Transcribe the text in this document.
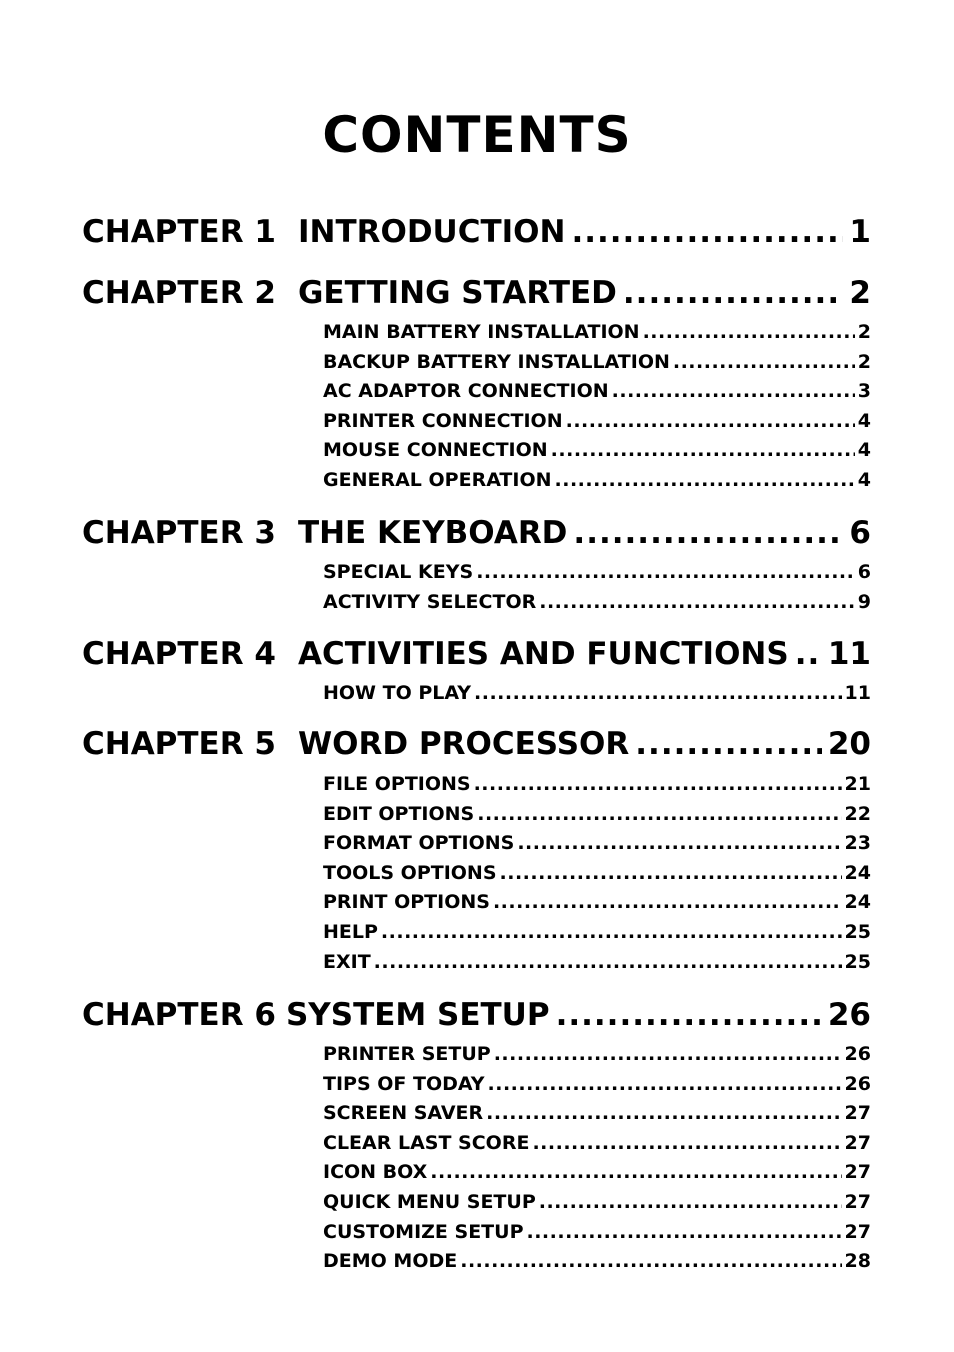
CONTENTS
CHAPTER 1 INTRODUCTION .....	1
CHAPTER 2 GETTING STARTED .....	2
MAIN BATTERY INSTALLATION .....	2
BACKUP BATTERY INSTALLATION .....	2
AC ADAPTOR CONNECTION .....	3
PRINTER CONNECTION .....	4
MOUSE CONNECTION .....	4
GENERAL OPERATION .....	4
CHAPTER 3 THE KEYBOARD .....	6
SPECIAL KEYS .....	6
ACTIVITY SELECTOR .....	9
CHAPTER 4 ACTIVITIES AND FUNCTIONS ..... 11
HOW TO PLAY .....	11
CHAPTER 5 WORD PROCESSOR .....	20
FILE OPTIONS .....	21
EDIT OPTIONS .....	22
FORMAT OPTIONS .....	23
TOOLS OPTIONS .....	24
PRINT OPTIONS .....	24
HELP .....	25
EXIT .....	25
CHAPTER 6 SYSTEM SETUP .....	26
PRINTER SETUP .....	26
TIPS OF TODAY .....	26
SCREEN SAVER .....	27
CLEAR LAST SCORE .....	27
ICON BOX .....	27
QUICK MENU SETUP .....	27
CUSTOMIZE SETUP .....	27
DEMO MODE .....	28
